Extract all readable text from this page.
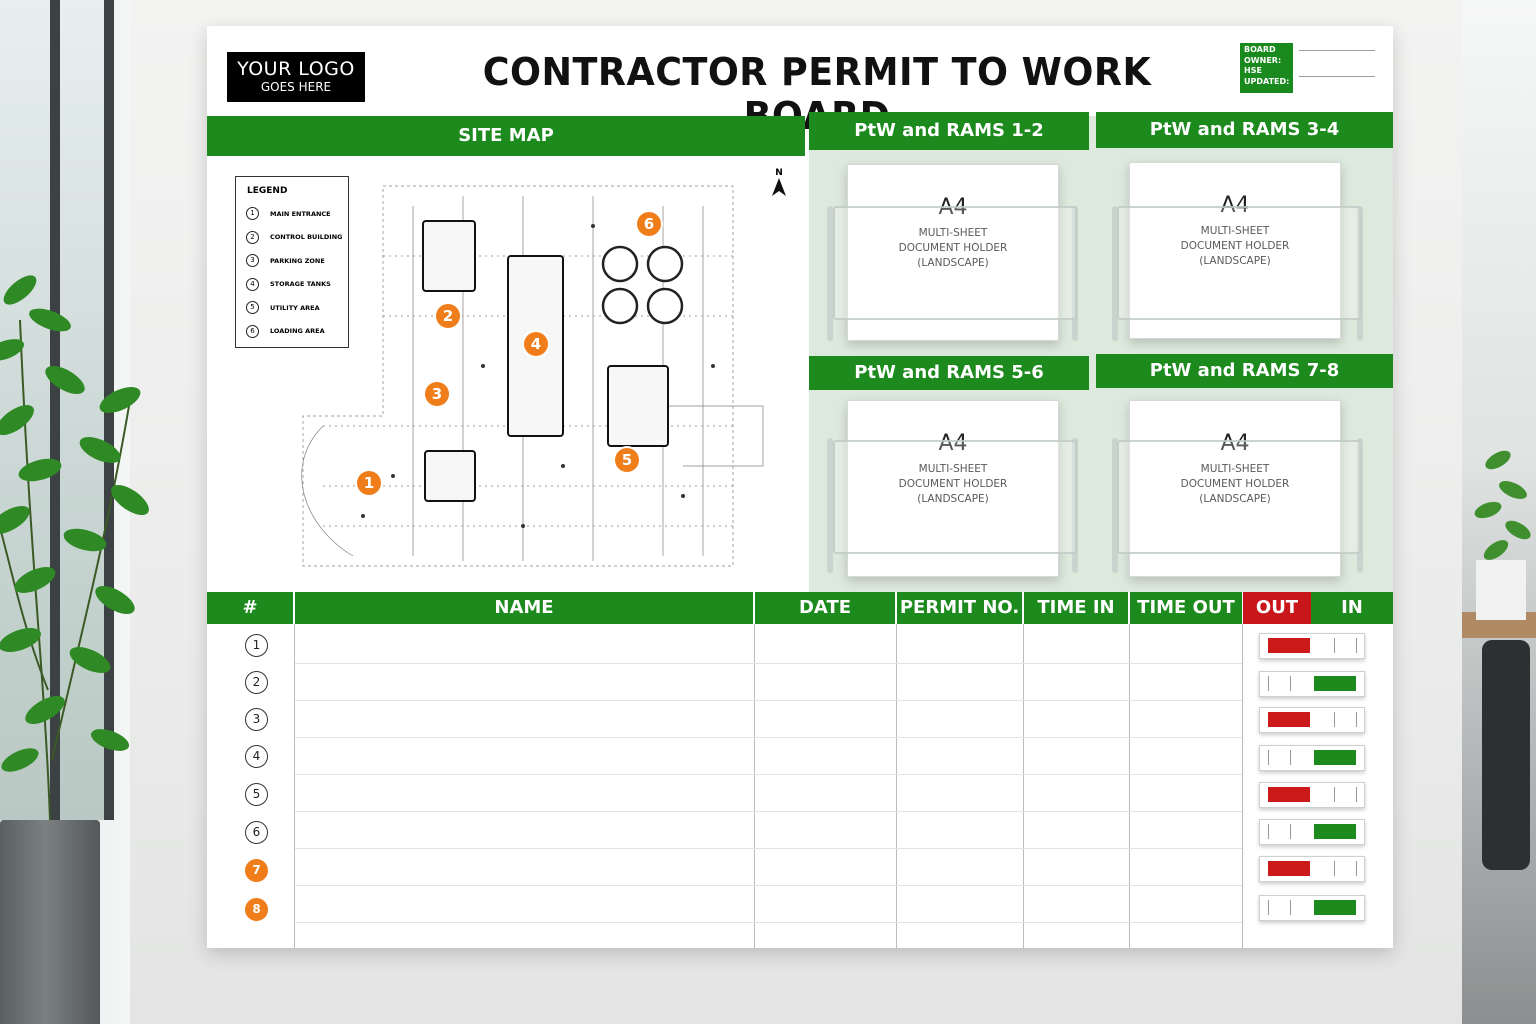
YOUR LOGO
GOES HERE	CONTRACTOR PERMIT TO WORK
BOARD
OWNER:
HSE
UPDATED:
SITE MAP
LEGEND
1	MAIN ENTRANCE
2	CONTROL BUILDING
3	PARKING ZONE
4	STORAGE TANKS
5	UTILITY AREA
6	LOADING AREA
N
1
2
3
4
5
6
PtW and RAMS 1-2	PtW and RAMS 3-4
PtW and RAMS 5-6	PtW and RAMS 7-8
A4
MULTI-SHEET
DOCUMENT HOLDER
(LANDSCAPE)
A4
MULTI-SHEET
DOCUMENT HOLDER
(LANDSCAPE)
A4
MULTI-SHEET
DOCUMENT HOLDER
(LANDSCAPE)
A4
MULTI-SHEET
DOCUMENT HOLDER
(LANDSCAPE)
#	NAME	DATE	PERMIT NO.	TIME IN	TIME OUT	OUT	IN
1
2
3
4
5
6
7
8
